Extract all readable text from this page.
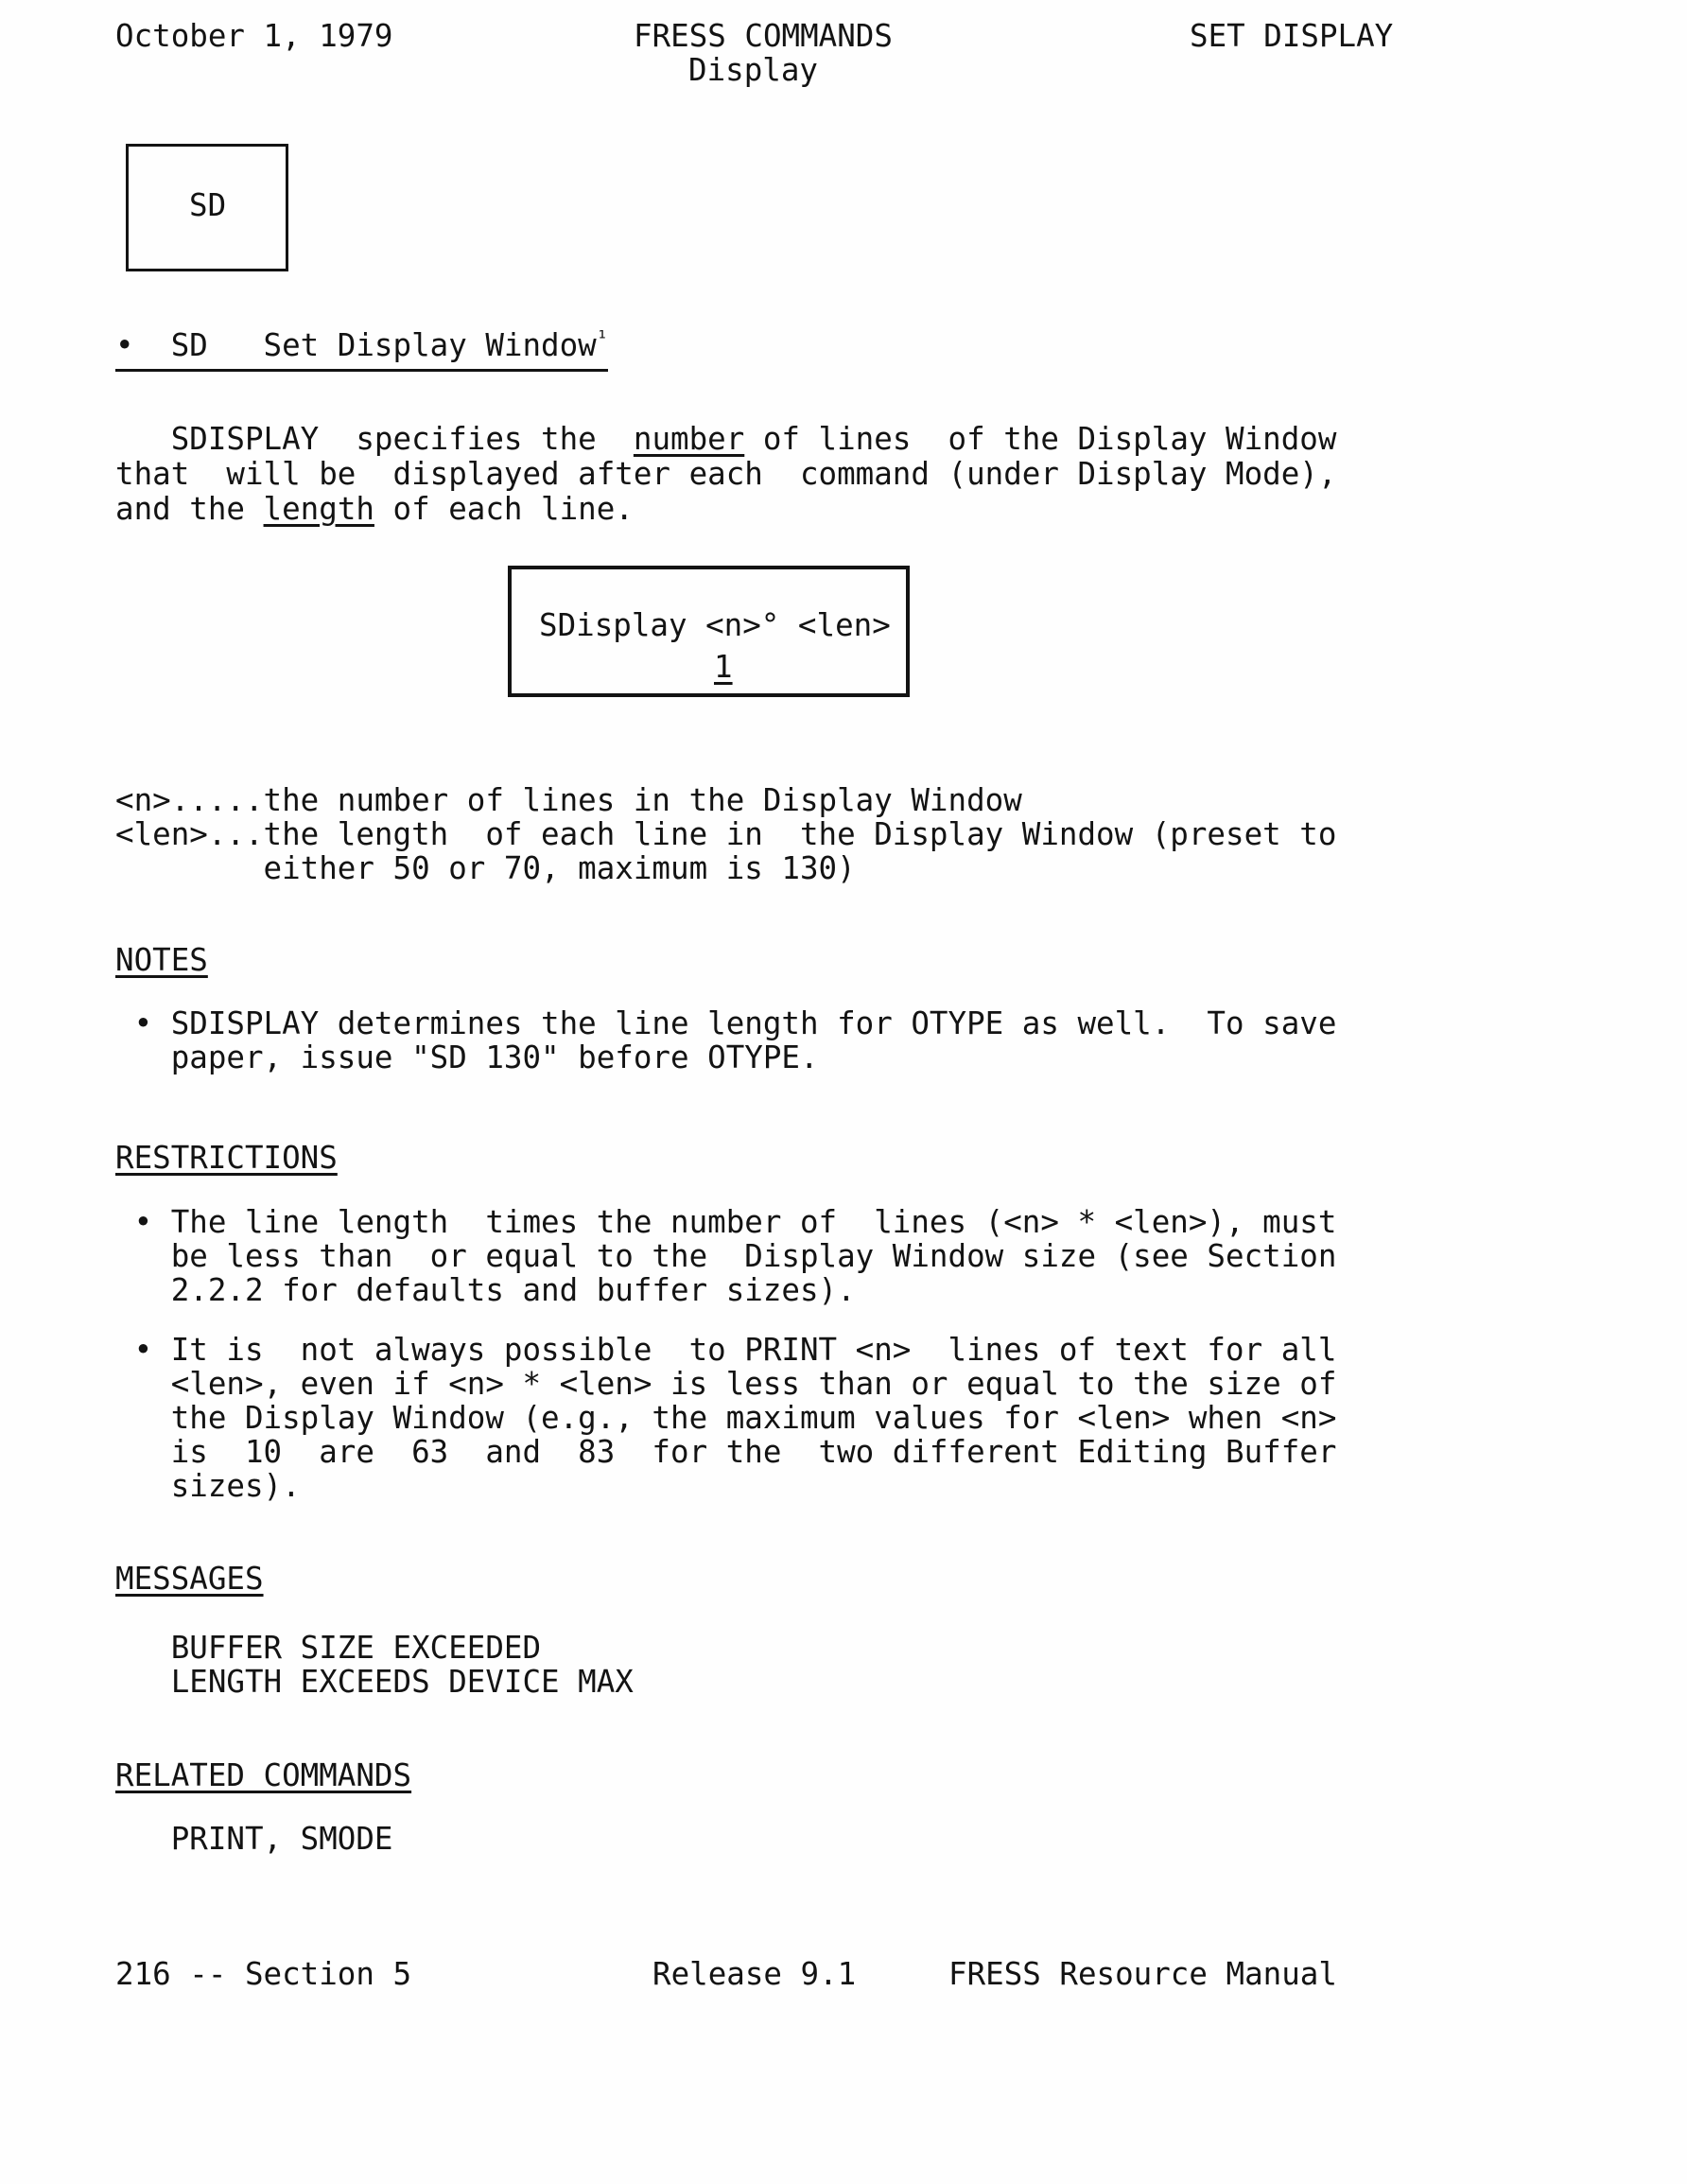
October 1, 1979	FRESS COMMANDS	SET DISPLAY
Display
SD
•  SD   Set Display Window$^{^1}$
SDISPLAY  specifies the  number of lines  of the Display Window
that  will be  displayed after each  command (under Display Mode),
and the length of each line.
SDisplay <n>° <len>
1
<n>.....the number of lines in the Display Window
<len>...the length  of each line in  the Display Window (preset to
either 50 or 70, maximum is 130)
NOTES
• SDISPLAY determines the line length for OTYPE as well.  To save
paper, issue "SD 130" before OTYPE.
RESTRICTIONS
• The line length  times the number of  lines (<n> * <len>), must
be less than  or equal to the  Display Window size (see Section
2.2.2 for defaults and buffer sizes).
• It is  not always possible  to PRINT <n>  lines of text for all
<len>, even if <n> * <len> is less than or equal to the size of
the Display Window (e.g., the maximum values for <len> when <n>
is  10  are  63  and  83  for the  two different Editing Buffer
sizes).
MESSAGES
BUFFER SIZE EXCEEDED
LENGTH EXCEEDS DEVICE MAX
RELATED COMMANDS
PRINT, SMODE
216 -- Section 5	Release 9.1	FRESS Resource Manual
